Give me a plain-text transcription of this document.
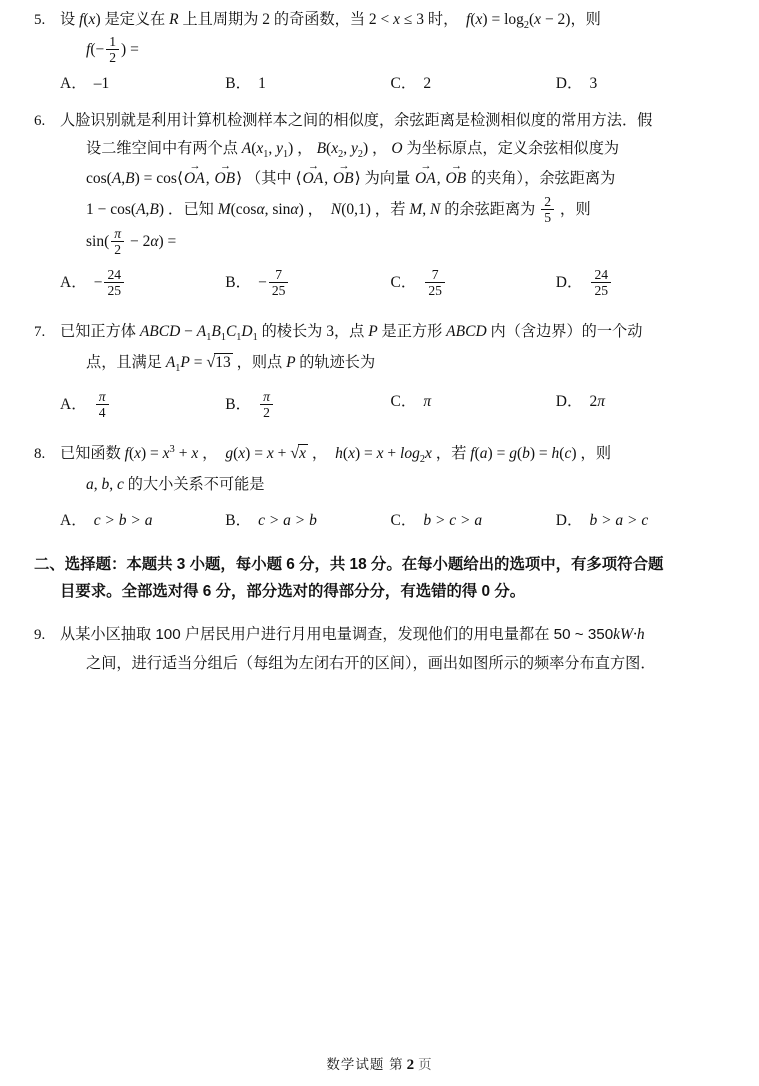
5. 设 f(x) 是定义在 R 上且周期为 2 的奇函数，当 2 < x ≤ 3 时， $f(x) = \log_2(x - 2)$，则
$f(- \frac{1}{2}$ ) =
A． –1	B． 1	C． 2	D． 3
6. 人脸识别就是利用计算机检测样本之间的相似度，余弦距离是检测相似度的常用方法．假
设二维空间中有两个点 $A(x_1$, $y_1$) ， $B(x_2$, $y_2$) ， O 为坐标原点，定义余弦相似度为
cos(A,B) = cos⟨OA →, OB →⟩ （其中 ⟨OA →, OB →⟩ 为向量 OA →, OB → 的夹角），余弦距离为
1 − cos(A,B) ．已知 M(cosα, sinα) ，  N(0,1) ，若 M, N 的余弦距离为 $\frac{2}{5}$ ，则
$\sin( \frac{\pi}{2} - 2\alpha)$ =
A． − $\frac{24}{25}$	B． − $\frac{7}{25}$	C． $\frac{7}{25}$	D． $\frac{24}{25}$
7. 已知正方体 ABCD − $A_1B_1C_1D_1$ 的棱长为 3，点 P 是正方形 ABCD 内（含边界）的一个动
点，且满足 $A_1P = √13$ ，则点 P 的轨迹长为
A． $\frac{\pi}{4}$	B． $\frac{\pi}{2}$	C． π	D． 2π
8. 已知函数 $f(x) = x^3 + x$ ，  g(x) = x + √x ，  $h(x) = x + \log_2x$ ，若 f(a) = g(b) = h(c) ，则
a, b, c 的大小关系不可能是
A． c > b > a	B． c > a > b	C． b > c > a	D． b > a > c
二、选择题：本题共 3 小题，每小题 6 分，共 18 分。在每小题给出的选项中，有多项符合题
目要求。全部选对得 6 分，部分选对的得部分分，有选错的得 0 分。
9. 从某小区抽取 100 户居民用户进行月用电量调查，发现他们的用电量都在 50 ~ 350kW·h
之间，进行适当分组后（每组为左闭右开的区间），画出如图所示的频率分布直方图．
数学试题 第 2 页
